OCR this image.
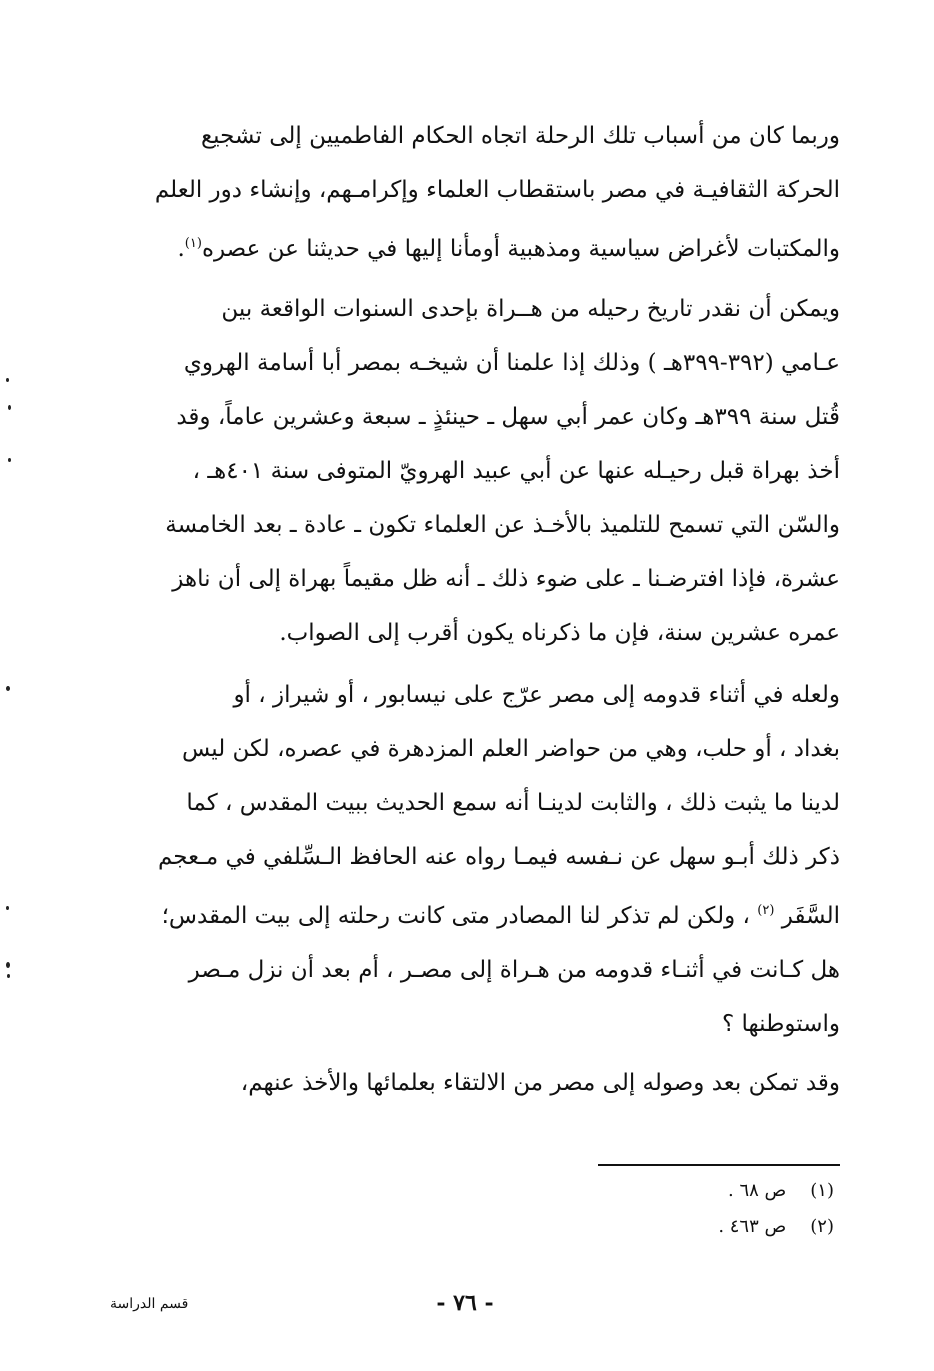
وربما كان من أسباب تلك الرحلة اتجاه الحكام الفاطميين إلى تشجيع
الحركة الثقافيـة في مصر باستقطاب العلماء وإكرامـهم، وإنشاء دور العلم
والمكتبات لأغراض سياسية ومذهبية أومأنا إليها في حديثنا عن عصره$^{(١)}$.

ويمكن أن نقدر تاريخ رحيله من هــراة بإحدى السنوات الواقعة بين
عـامي (٣٩٢-٣٩٩هـ ) وذلك إذا علمنا أن شيخـه بمصر أبا أسامة الهروي
قُتل سنة ٣٩٩هـ وكان عمر أبي سهل ـ حينئذٍ ـ سبعة وعشرين عاماً، وقد
أخذ بهراة قبل رحيـله عنها عن أبي عبيد الهرويّ المتوفى سنة ٤٠١هـ ،
والسّن التي تسمح للتلميذ بالأخـذ عن العلماء تكون ـ عادة ـ بعد الخامسة
عشرة، فإذا افترضـنا ـ على ضوء ذلك ـ أنه ظل مقيماً بهراة إلى أن ناهز
عمره عشرين سنة، فإن ما ذكرناه يكون أقرب إلى الصواب.

ولعله في أثناء قدومه إلى مصر عرّج على نيسابور ، أو شيراز ، أو
بغداد ، أو حلب، وهي من حواضر العلم المزدهرة في عصره، لكن ليس
لدينا ما يثبت ذلك ، والثابت لدينـا أنه سمع الحديث ببيت المقدس ، كما
ذكر ذلك أبـو سهل عن نـفسه فيمـا رواه عنه الحافظ الـسِّلفي في مـعجم
السَّفَر $^{(٢)}$ ، ولكن لم تذكر لنا المصادر متى كانت رحلته إلى بيت المقدس؛
هل كـانت في أثنـاء قدومه من هـراة إلى مصـر ، أم بعد أن نزل مـصر
واستوطنها ؟

وقد تمكن بعد وصوله إلى مصر من الالتقاء بعلمائها والأخذ عنهم،

(١) ص ٦٨ .
(٢) ص ٤٦٣ .
- ٧٦ -
قسم الدراسة
